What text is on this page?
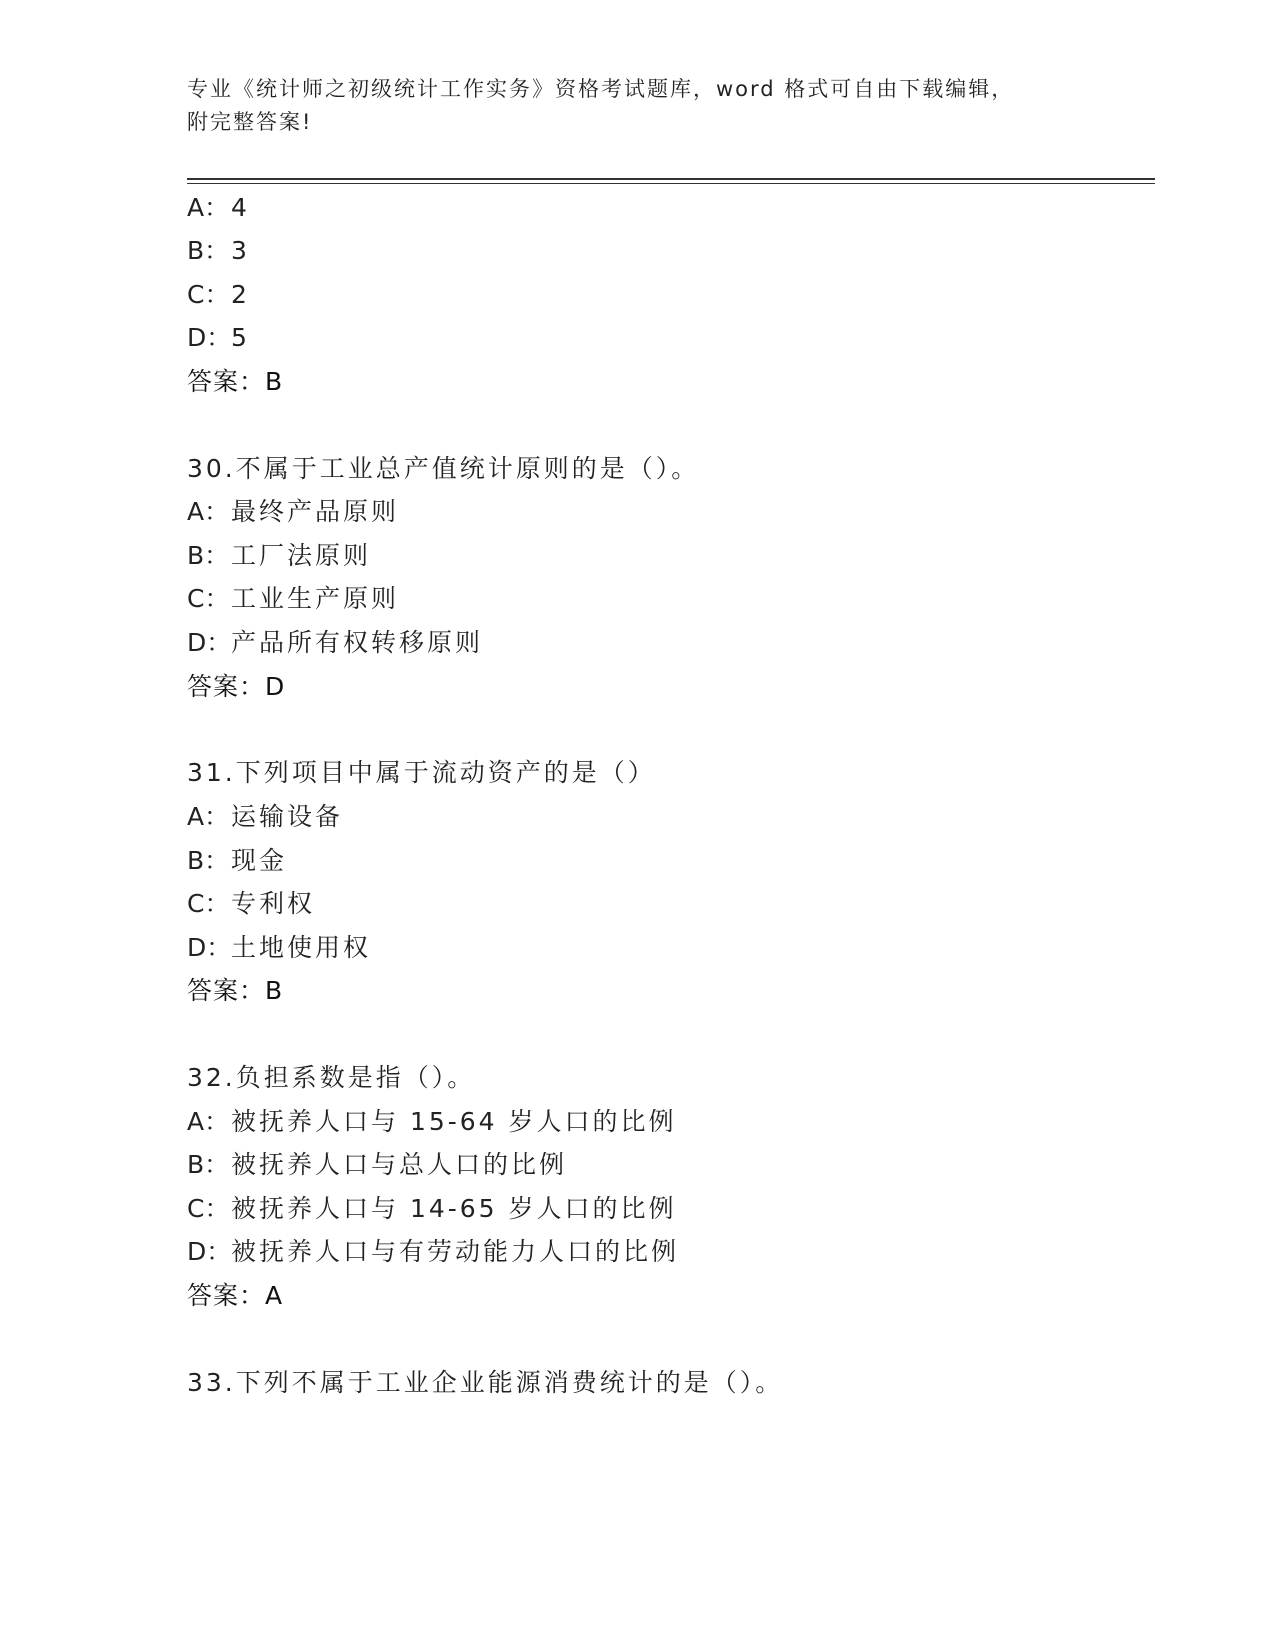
专业《统计师之初级统计工作实务》资格考试题库，word 格式可自由下载编辑，
附完整答案!
A：4
B：3
C：2
D：5
答案：B
30.不属于工业总产值统计原则的是（）。
A：最终产品原则
B：工厂法原则
C：工业生产原则
D：产品所有权转移原则
答案：D
31.下列项目中属于流动资产的是（）
A：运输设备
B：现金
C：专利权
D：土地使用权
答案：B
32.负担系数是指（）。
A：被抚养人口与 15-64 岁人口的比例
B：被抚养人口与总人口的比例
C：被抚养人口与 14-65 岁人口的比例
D：被抚养人口与有劳动能力人口的比例
答案：A
33.下列不属于工业企业能源消费统计的是（）。
